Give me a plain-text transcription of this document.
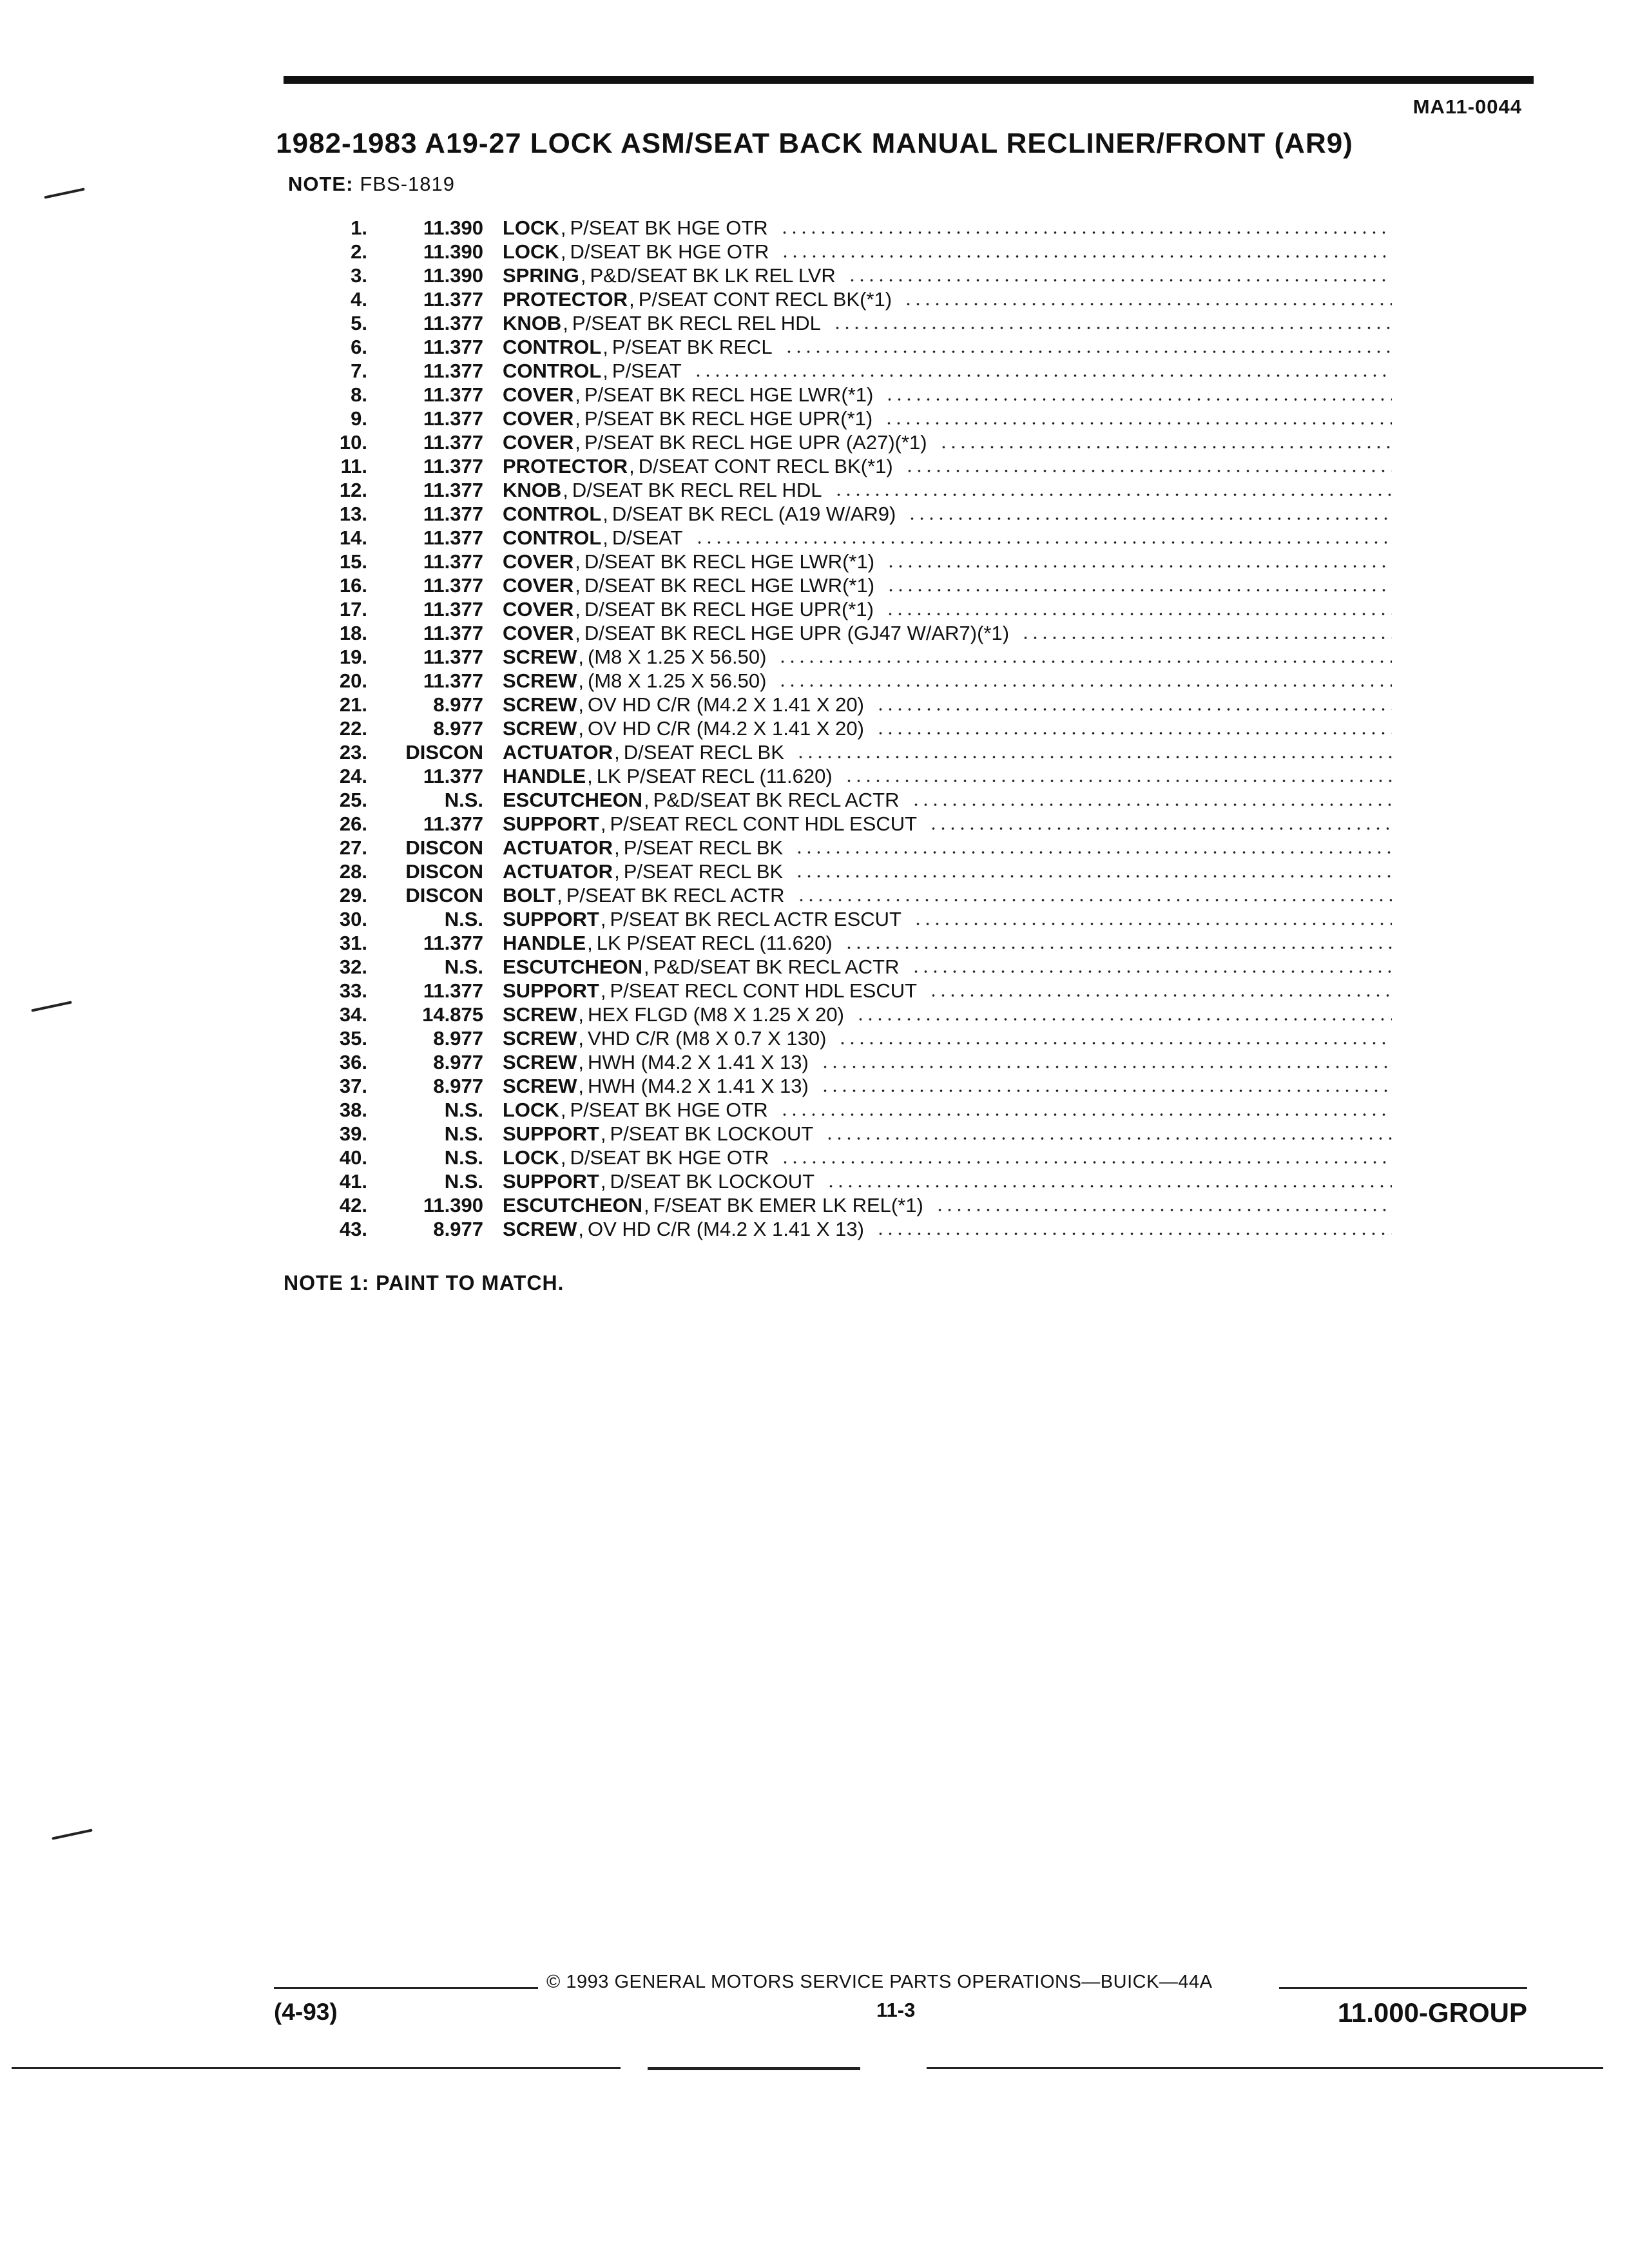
MA11-0044
1982-1983 A19-27 LOCK ASM/SEAT BACK MANUAL RECLINER/FRONT (AR9)
NOTE: FBS-1819
1.	11.390 LOCK , P/SEAT BK HGE OTR
2.	11.390 LOCK , D/SEAT BK HGE OTR
3.	11.390 SPRING , P&D/SEAT BK LK REL LVR
4.	11.377 PROTECTOR , P/SEAT CONT RECL BK(*1)
5.	11.377 KNOB , P/SEAT BK RECL REL HDL
6.	11.377 CONTROL , P/SEAT BK RECL
7.	11.377 CONTROL , P/SEAT
8.	11.377 COVER , P/SEAT BK RECL HGE LWR(*1)
9.	11.377 COVER , P/SEAT BK RECL HGE UPR(*1)
10.	11.377 COVER , P/SEAT BK RECL HGE UPR (A27)(*1)
11.	11.377 PROTECTOR , D/SEAT CONT RECL BK(*1)
12.	11.377 KNOB , D/SEAT BK RECL REL HDL
13.	11.377 CONTROL , D/SEAT BK RECL (A19 W/AR9)
14.	11.377 CONTROL , D/SEAT
15.	11.377 COVER , D/SEAT BK RECL HGE LWR(*1)
16.	11.377 COVER , D/SEAT BK RECL HGE LWR(*1)
17.	11.377 COVER , D/SEAT BK RECL HGE UPR(*1)
18.	11.377 COVER , D/SEAT BK RECL HGE UPR (GJ47 W/AR7)(*1)
19.	11.377 SCREW , (M8 X 1.25 X 56.50)
20.	11.377 SCREW , (M8 X 1.25 X 56.50)
21.	8.977 SCREW , OV HD C/R (M4.2 X 1.41 X 20)
22.	8.977 SCREW , OV HD C/R (M4.2 X 1.41 X 20)
23.	DISCON ACTUATOR , D/SEAT RECL BK
24.	11.377 HANDLE , LK P/SEAT RECL (11.620)
25.	N.S. ESCUTCHEON , P&D/SEAT BK RECL ACTR
26.	11.377 SUPPORT , P/SEAT RECL CONT HDL ESCUT
27.	DISCON ACTUATOR , P/SEAT RECL BK
28.	DISCON ACTUATOR , P/SEAT RECL BK
29.	DISCON BOLT , P/SEAT BK RECL ACTR
30.	N.S. SUPPORT , P/SEAT BK RECL ACTR ESCUT
31.	11.377 HANDLE , LK P/SEAT RECL (11.620)
32.	N.S. ESCUTCHEON , P&D/SEAT BK RECL ACTR
33.	11.377 SUPPORT , P/SEAT RECL CONT HDL ESCUT
34.	14.875 SCREW , HEX FLGD (M8 X 1.25 X 20)
35.	8.977 SCREW , VHD C/R (M8 X 0.7 X 130)
36.	8.977 SCREW , HWH (M4.2 X 1.41 X 13)
37.	8.977 SCREW , HWH (M4.2 X 1.41 X 13)
38.	N.S. LOCK , P/SEAT BK HGE OTR
39.	N.S. SUPPORT , P/SEAT BK LOCKOUT
40.	N.S. LOCK , D/SEAT BK HGE OTR
41.	N.S. SUPPORT , D/SEAT BK LOCKOUT
42.	11.390 ESCUTCHEON , F/SEAT BK EMER LK REL(*1)
43.	8.977 SCREW , OV HD C/R (M4.2 X 1.41 X 13)
NOTE 1: PAINT TO MATCH.
© 1993 GENERAL MOTORS SERVICE PARTS OPERATIONS—BUICK—44A
(4-93)	11-3	11.000-GROUP
